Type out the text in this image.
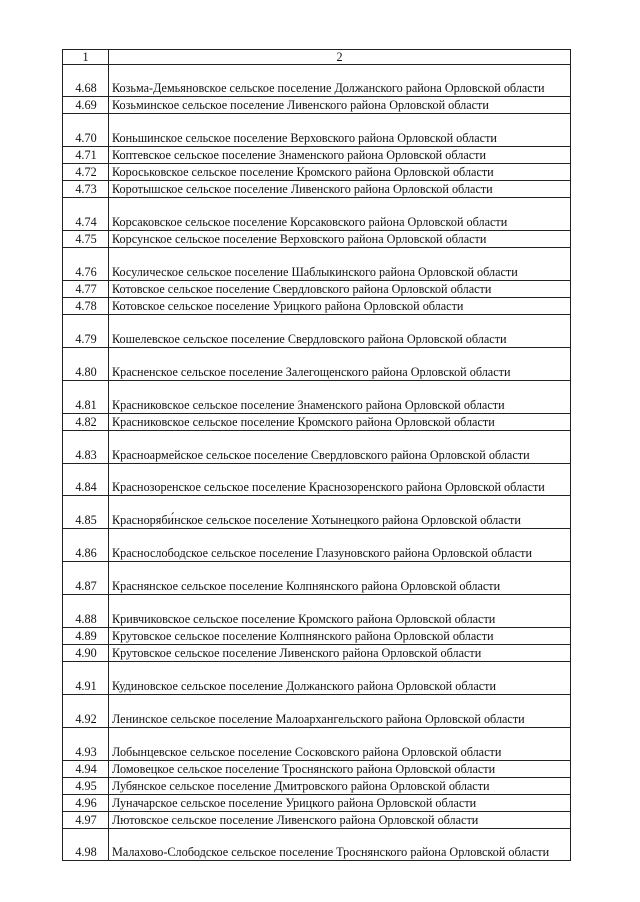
1	2
4.68	Козьма-Демьяновское сельское поселение Должанского района Орловской области
4.69	Козьминское сельское поселение Ливенского района Орловской области
4.70	Коньшинское сельское поселение Верховского района Орловской области
4.71	Коптевское сельское поселение Знаменского района Орловской области
4.72	Короськовское сельское поселение Кромского района Орловской области
4.73	Коротышское сельское поселение Ливенского района Орловской области
4.74	Корсаковское сельское поселение Корсаковского района Орловской области
4.75	Корсунское сельское поселение Верховского района Орловской области
4.76	Косулическое сельское поселение Шаблыкинского района Орловской области
4.77	Котовское сельское поселение Свердловского района Орловской области
4.78	Котовское сельское поселение Урицкого района Орловской области
4.79	Кошелевское сельское поселение Свердловского района Орловской области
4.80	Красненское сельское поселение Залегощенского района Орловской области
4.81	Красниковское сельское поселение Знаменского района Орловской области
4.82	Красниковское сельское поселение Кромского района Орловской области
4.83	Красноармейское сельское поселение Свердловского района Орловской области
4.84	Краснозоренское сельское поселение Краснозоренского района Орловской области
4.85	Красноряби́нское сельское поселение Хотынецкого района Орловской области
4.86	Краснослободское сельское поселение Глазуновского района Орловской области
4.87	Краснянское сельское поселение Колпнянского района Орловской области
4.88	Кривчиковское сельское поселение Кромского района Орловской области
4.89	Крутовское сельское поселение Колпнянского района Орловской области
4.90	Крутовское сельское поселение Ливенского района Орловской области
4.91	Кудиновское сельское поселение Должанского района Орловской области
4.92	Ленинское сельское поселение Малоархангельского района Орловской области
4.93	Лобынцевское сельское поселение Сосковского района Орловской области
4.94	Ломовецкое сельское поселение Троснянского района Орловской области
4.95	Лубянское сельское поселение Дмитровского района Орловской области
4.96	Луначарское сельское поселение Урицкого района Орловской области
4.97	Лютовское сельское поселение Ливенского района Орловской области
4.98	Малахово-Слободское сельское поселение Троснянского района Орловской области
